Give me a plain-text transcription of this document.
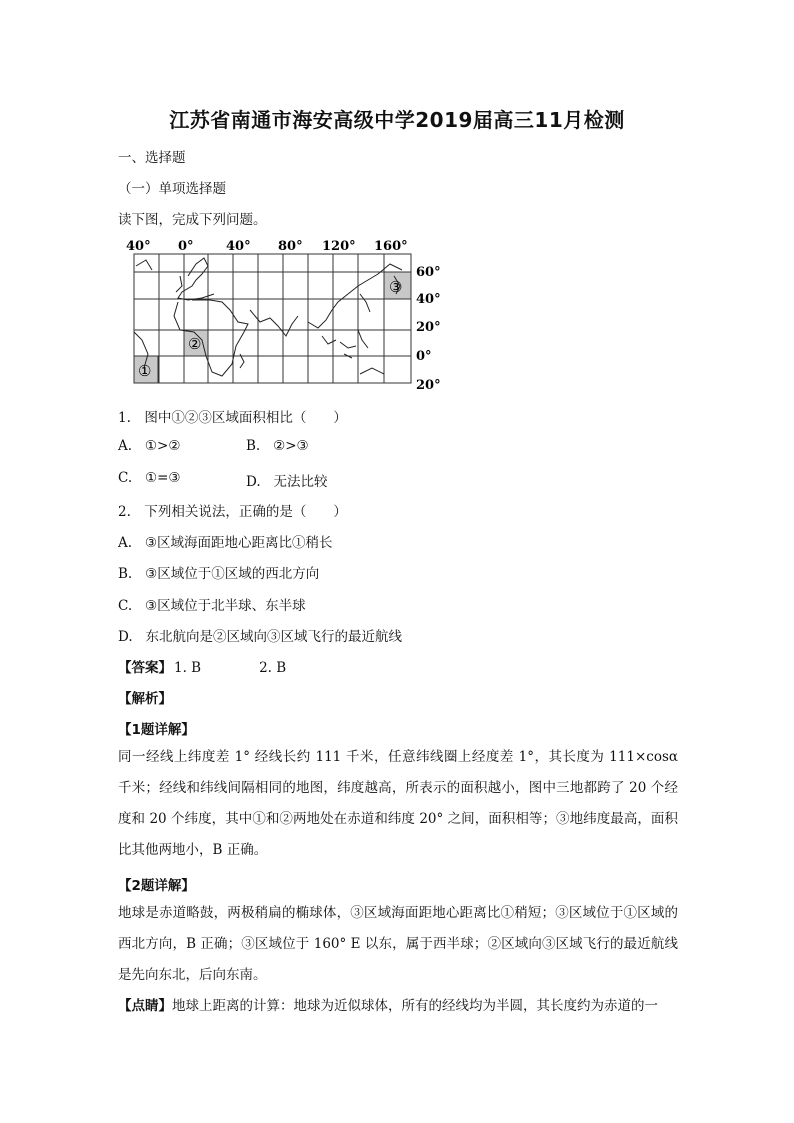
江苏省南通市海安高级中学2019届高三11月检测
一、选择题
（一）单项选择题
读下图，完成下列问题。
40° 0° 40° 80° 120° 160°
60°
40°
20°
0°
20°
①
②
③
1.　图中①②③区域面积相比（　　）
A. ①>②	B. ②>③
C. ①=③	D. 无法比较
2.　下列相关说法，正确的是（　　）
A. ③区域海面距地心距离比①稍长
B. ③区域位于①区域的西北方向
C. ③区域位于北半球、东半球
D. 东北航向是②区域向③区域飞行的最近航线
【答案】 1. B	2. B
【解析】
【1题详解】
同一经线上纬度差 1° 经线长约 111 千米，任意纬线圈上经度差 1°，其长度为 111×cosα 千米；经线和纬线间隔相同的地图，纬度越高，所表示的面积越小，图中三地都跨了 20 个经度和 20 个纬度，其中①和②两地处在赤道和纬度 20° 之间，面积相等；③地纬度最高，面积比其他两地小，B 正确。
【2题详解】
地球是赤道略鼓，两极稍扁的椭球体，③区域海面距地心距离比①稍短；③区域位于①区域的西北方向，B 正确；③区域位于 160° E 以东，属于西半球；②区域向③区域飞行的最近航线是先向东北，后向东南。
【点睛】地球上距离的计算：地球为近似球体，所有的经线均为半圆，其长度约为赤道的一
